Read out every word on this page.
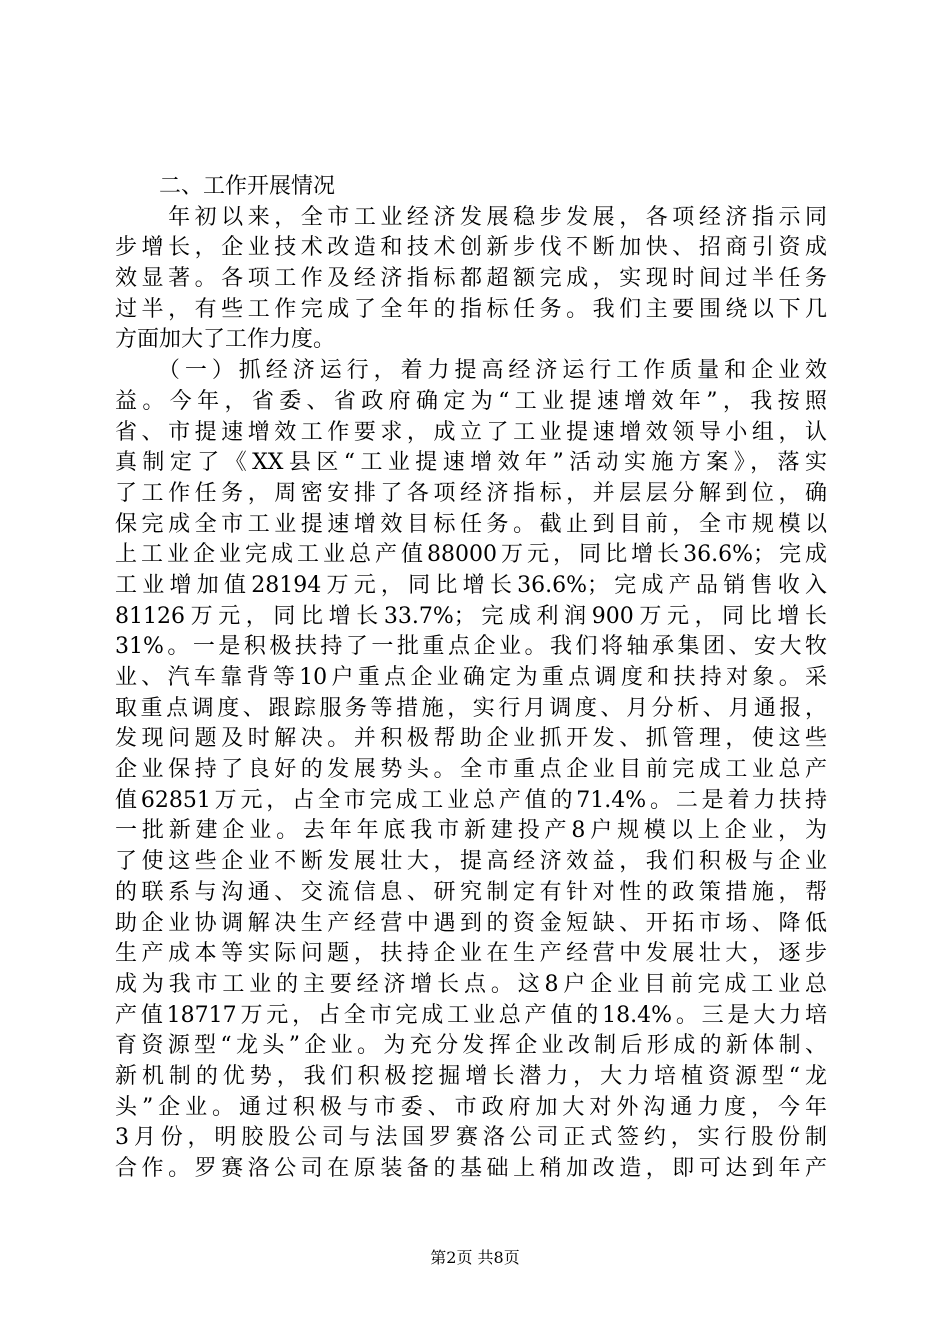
　　二、工作开展情况
　　年初以来，全市工业经济发展稳步发展，各项经济指示同
步增长，企业技术改造和技术创新步伐不断加快、招商引资成
效显著。各项工作及经济指标都超额完成，实现时间过半任务
过半，有些工作完成了全年的指标任务。我们主要围绕以下几
方面加大了工作力度。
　　（一）抓经济运行，着力提高经济运行工作质量和企业效
益。今年，省委、省政府确定为“工业提速增效年”，我按照
省、市提速增效工作要求，成立了工业提速增效领导小组，认
真制定了《XX县区“工业提速增效年”活动实施方案》，落实
了工作任务，周密安排了各项经济指标，并层层分解到位，确
保完成全市工业提速增效目标任务。截止到目前，全市规模以
上工业企业完成工业总产值88000万元，同比增长36.6%；完成
工业增加值28194万元，同比增长36.6%；完成产品销售收入
81126万元，同比增长33.7%；完成利润900万元，同比增长
31%。一是积极扶持了一批重点企业。我们将轴承集团、安大牧
业、汽车靠背等10户重点企业确定为重点调度和扶持对象。采
取重点调度、跟踪服务等措施，实行月调度、月分析、月通报，
发现问题及时解决。并积极帮助企业抓开发、抓管理，使这些
企业保持了良好的发展势头。全市重点企业目前完成工业总产
值62851万元，占全市完成工业总产值的71.4%。二是着力扶持
一批新建企业。去年年底我市新建投产8户规模以上企业，为
了使这些企业不断发展壮大，提高经济效益，我们积极与企业
的联系与沟通、交流信息、研究制定有针对性的政策措施，帮
助企业协调解决生产经营中遇到的资金短缺、开拓市场、降低
生产成本等实际问题，扶持企业在生产经营中发展壮大，逐步
成为我市工业的主要经济增长点。这8户企业目前完成工业总
产值18717万元，占全市完成工业总产值的18.4%。三是大力培
育资源型“龙头”企业。为充分发挥企业改制后形成的新体制、
新机制的优势，我们积极挖掘增长潜力，大力培植资源型“龙
头”企业。通过积极与市委、市政府加大对外沟通力度，今年
3月份，明胶股公司与法国罗赛洛公司正式签约，实行股份制
合作。罗赛洛公司在原装备的基础上稍加改造，即可达到年产
第2页 共8页
